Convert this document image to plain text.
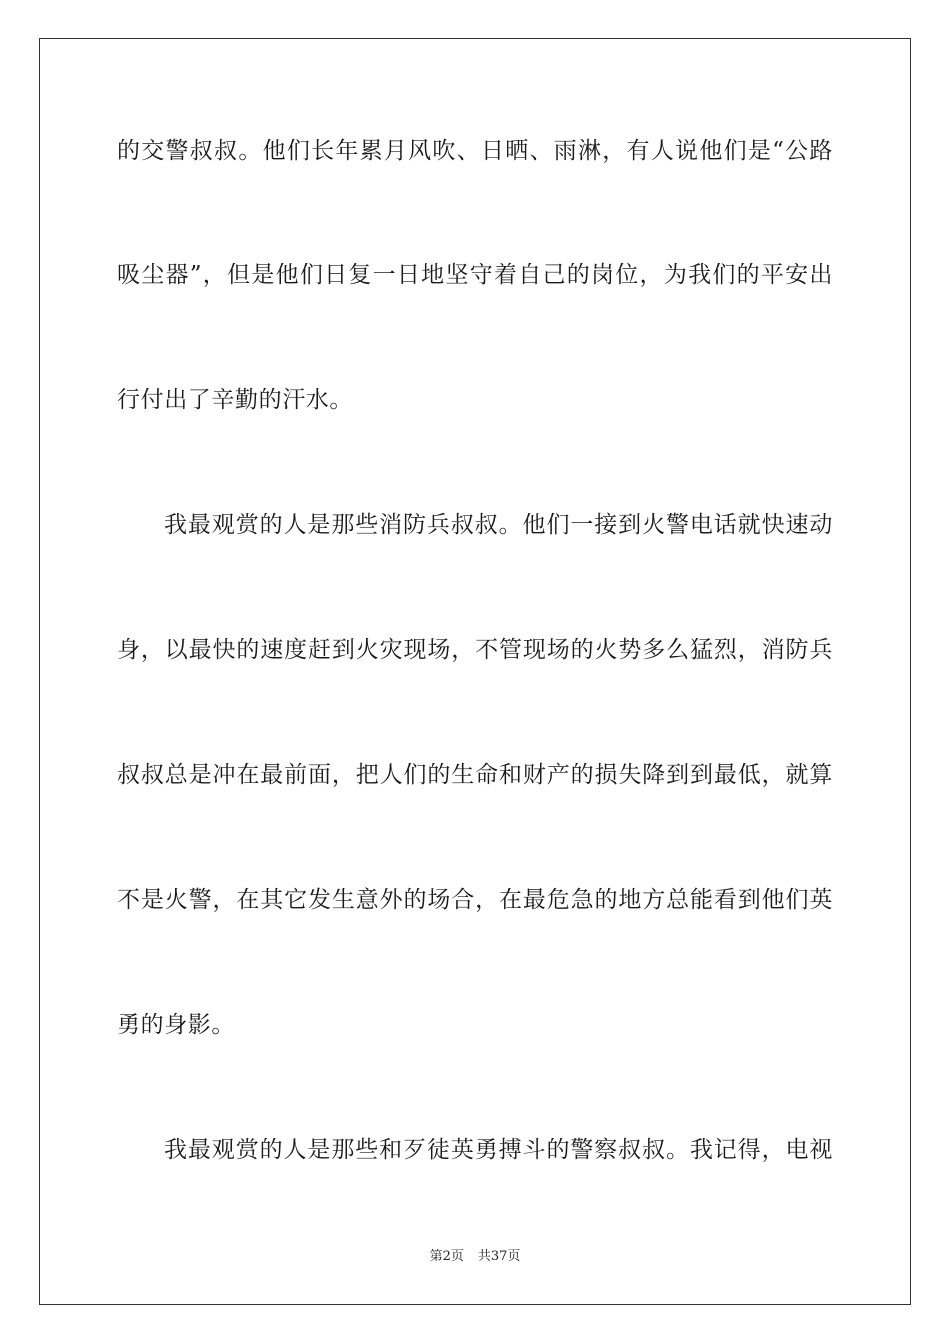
的交警叔叔。他们长年累月风吹、日晒、雨淋，有人说他们是“公路
吸尘器”，但是他们日复一日地坚守着自己的岗位，为我们的平安出
行付出了辛勤的汗水。
我最观赏的人是那些消防兵叔叔。他们一接到火警电话就快速动
身，以最快的速度赶到火灾现场，不管现场的火势多么猛烈，消防兵
叔叔总是冲在最前面，把人们的生命和财产的损失降到到最低，就算
不是火警，在其它发生意外的场合，在最危急的地方总能看到他们英
勇的身影。
我最观赏的人是那些和歹徒英勇搏斗的警察叔叔。我记得，电视
第2页 共37页
